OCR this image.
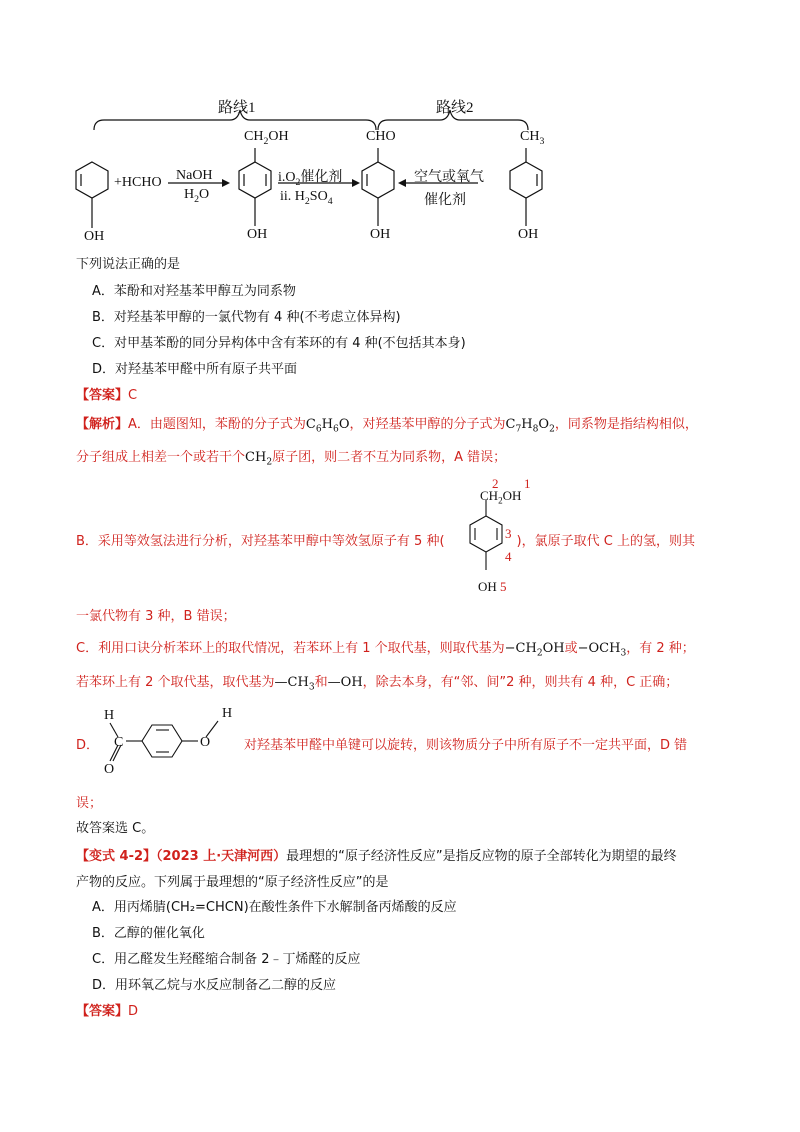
路线1	路线2
OH
+HCHO NaOH
$H_2O$
$CH_2OH$
OH
$i.O_2$催化剂
ii. $H_2SO_4$
CHO
OH
空气或氧气
催化剂
$CH_3$
OH
下列说法正确的是
A．苯酚和对羟基苯甲醇互为同系物
B．对羟基苯甲醇的一氯代物有 4 种(不考虑立体异构)
C．对甲基苯酚的同分异构体中含有苯环的有 4 种(不包括其本身)
D．对羟基苯甲醛中所有原子共平面
【答案】C
【解析】A．由题图知，苯酚的分子式为$C_6H_6O$，对羟基苯甲醇的分子式为$C_7H_8O_2$，同系物是指结构相似，
分子组成上相差一个或若干个$CH_2$原子团，则二者不互为同系物，A 错误；
B．采用等效氢法进行分析，对羟基苯甲醇中等效氢原子有 5 种(	)，氯原子取代 C 上的氢，则其
$CH_2OH$
2 1
3
4
OH 5
一氯代物有 3 种，B 错误；
C．利用口诀分析苯环上的取代情况，若苯环上有 1 个取代基，则取代基为$-CH_2OH$或$-OCH_3$，有 2 种；
若苯环上有 2 个取代基，取代基为$—CH_3$和—OH，除去本身，有“邻、间”2 种，则共有 4 种，C 正确；
D．
H
C
O
O
H
对羟基苯甲醛中单键可以旋转，则该物质分子中所有原子不一定共平面，D 错
误；
故答案选 C。
【变式 4-2】（2023 上·天津河西）最理想的“原子经济性反应”是指反应物的原子全部转化为期望的最终
产物的反应。下列属于最理想的“原子经济性反应”的是
A．用丙烯腈(CH₂=CHCN)在酸性条件下水解制备丙烯酸的反应
B．乙醇的催化氧化
C．用乙醛发生羟醛缩合制备 2﹣丁烯醛的反应
D．用环氧乙烷与水反应制备乙二醇的反应
【答案】D
